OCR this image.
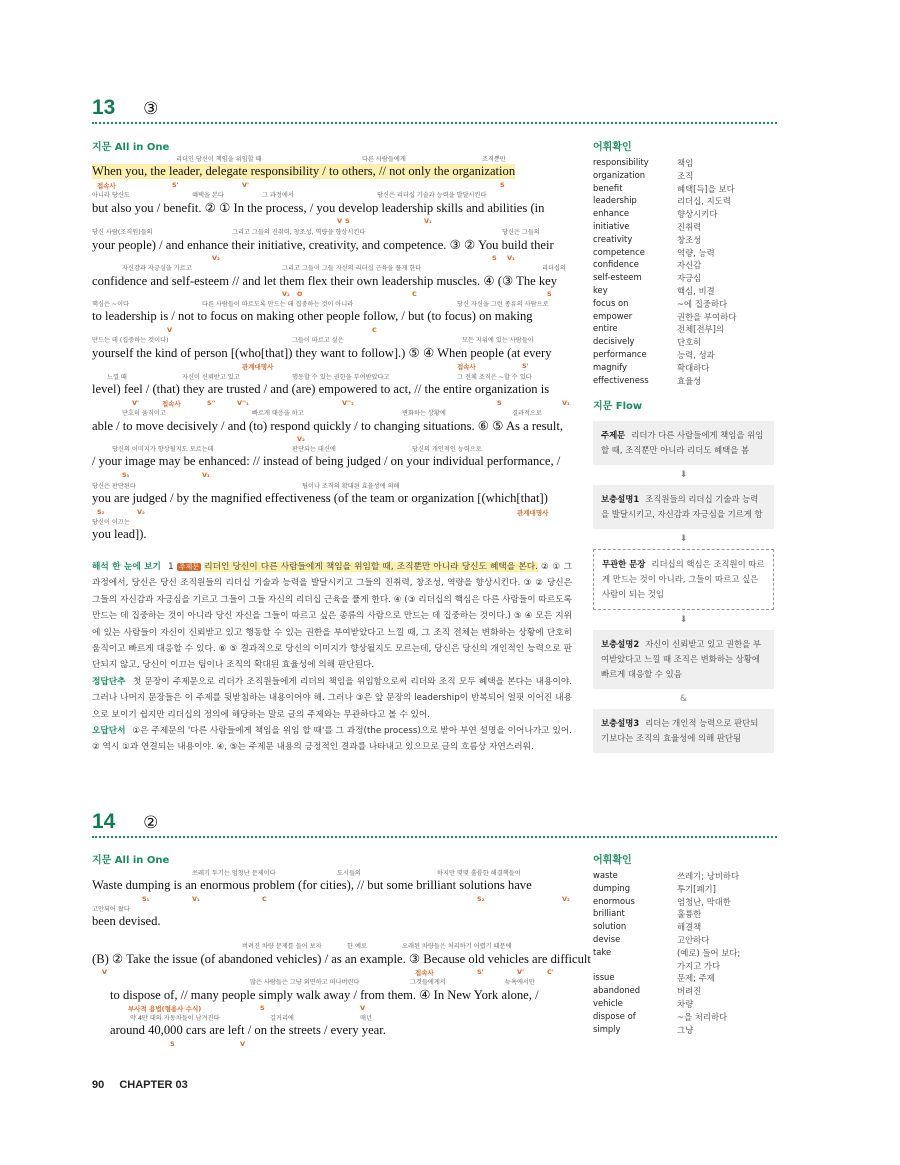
13 ③
지문 All in One	어휘확인
리더인 당신이 책임을 위임할 때	다른 사람들에게	조직뿐만
When you, the leader, delegate responsibility / to others, // not only the organization
접속사	S'	V'	S
아니라 당신도	혜택을 본다	그 과정에서	당신은 리더십 기술과 능력을 발달시킨다
but also you / benefit. ② ① In the process, / you develop leadership skills and abilities (in
V S	V₁
당신 사람(조직원)들의	그리고 그들의 진취력, 창조성, 역량을 향상시킨다	당신은 그들의
your people) / and enhance their initiative, creativity, and competence. ③ ② You build their
V₂	S V₁
자신감과 자긍심을 기르고	그리고 그들이 그들 자신의 리더십 근육을 풀게 한다	리더십의
confidence and self-esteem // and let them flex their own leadership muscles. ④ (③ The key
V₂ O	C	S
핵심은 ~이다	다른 사람들이 따르도록 만드는 데 집중하는 것이 아니라	당신 자신을 그런 종류의 사람으로
to leadership is / not to focus on making other people follow, / but (to focus) on making
V	C
만드는 데 (집중하는 것이다)	그들이 따르고 싶은	모든 지위에 있는 사람들이
yourself the kind of person [(who[that]) they want to follow].) ⑤ ④ When people (at every
관계대명사	접속사	S'
느낄 때	자신이 신뢰받고 있고	행동할 수 있는 권한을 부여받았다고	그 전체 조직은 ~할 수 있다
level) feel / (that) they are trusted / and (are) empowered to act, // the entire organization is
V'	접속사	S''	V''₁	V''₂	S	V₁
단호히 움직이고	빠르게 대응을 하고	변화하는 상황에	결과적으로
able / to move decisively / and (to) respond quickly / to changing situations. ⑥ ⑤ As a result,
V₂
당신의 이미지가 향상될지도 모르는데	판단되는 대신에	당신의 개인적인 능력으로
/ your image may be enhanced: // instead of being judged / on your individual performance, /
S₁	V₁
당신은 판단된다	팀이나 조직의 확대된 효율성에 의해
you are judged / by the magnified effectiveness (of the team or organization [(which[that])
S₂	V₂	관계대명사
당신이 이끄는
you lead]).
해석 한 눈에 보기 1 주제문 리더인 당신이 다른 사람들에게 책임을 위임할 때, 조직뿐만 아니라 당신도 혜택을 본다. ② ① 그 과정에서, 당신은 당신 조직원들의 리더십 기술과 능력을 발달시키고 그들의 진취력, 창조성, 역량을 향상시킨다. ③ ② 당신은 그들의 자신감과 자긍심을 기르고 그들이 그들 자신의 리더십 근육을 풀게 한다. ④ (③ 리더십의 핵심은 다른 사람들이 따르도록 만드는 데 집중하는 것이 아니라 당신 자신을 그들이 따르고 싶은 종류의 사람으로 만드는 데 집중하는 것이다.) ⑤ ④ 모든 지위에 있는 사람들이 자신이 신뢰받고 있고 행동할 수 있는 권한을 부여받았다고 느낄 때, 그 조직 전체는 변화하는 상황에 단호히 움직이고 빠르게 대응할 수 있다. ⑥ ⑤ 결과적으로 당신의 이미지가 향상될지도 모르는데, 당신은 당신의 개인적인 능력으로 판단되지 않고, 당신이 이끄는 팀이나 조직의 확대된 효율성에 의해 판단된다.
정답단추 첫 문장이 주제문으로 리더가 조직원들에게 리더의 책임을 위임함으로써 리더와 조직 모두 혜택을 본다는 내용이야. 그러나 나머지 문장들은 이 주제를 뒷받침하는 내용이어야 해. 그러나 ③은 앞 문장의 leadership이 반복되어 얼핏 이어진 내용으로 보이기 쉽지만 리더십의 정의에 해당하는 말로 글의 주제와는 무관하다고 볼 수 있어.
오답단서 ①은 주제문의 '다른 사람들에게 책임을 위임 할 때'를 그 과정(the process)으로 받아 부연 설명을 이어나가고 있어. ② 역시 ①과 연결되는 내용이야. ④, ⑤는 주제문 내용의 긍정적인 결과를 나타내고 있으므로 글의 흐름상 자연스러워.
responsibility	책임
organization	조직
benefit	혜택[득]을 보다
leadership	리더십, 지도력
enhance	향상시키다
initiative	진취력
creativity	창조성
competence	역량, 능력
confidence	자신감
self-esteem	자긍심
key	핵심, 비결
focus on	~에 집중하다
empower	권한을 부여하다
entire	전체[전부]의
decisively	단호히
performance	능력, 성과
magnify	확대하다
effectiveness	효율성
지문 Flow
주제문 리더가 다른 사람들에게 책임을 위임할 때, 조직뿐만 아니라 리더도 혜택을 봄
⬇
보충설명1 조직원들의 리더십 기술과 능력을 발달시키고, 자신감과 자긍심을 기르게 함
⬇
무관한 문장 리더십의 핵심은 조직원이 따르게 만드는 것이 아니라, 그들이 따르고 싶은 사람이 되는 것임
⬇
보충설명2 자신이 신뢰받고 있고 권한을 부여받았다고 느낄 때 조직은 변화하는 상황에 빠르게 대응할 수 있음
&
보충설명3 리더는 개인적 능력으로 판단되기보다는 조직의 효율성에 의해 판단됨
14 ②
지문 All in One	어휘확인
쓰레기 투기는 엄청난 문제이다	도시들의	하지만 몇몇 훌륭한 해결책들이
Waste dumping is an enormous problem (for cities), // but some brilliant solutions have
S₁	V₁	C	S₂	V₂
고안되어 왔다
been devised.
버려진 차량 문제를 들어 보자	한 예로	오래된 차량들은 처리하기 어렵기 때문에
(B) ② Take the issue (of abandoned vehicles) / as an example. ③ Because old vehicles are difficult
V	접속사	S'	V'	C'
많은 사람들은 그냥 외면하고 떠나버린다	그것들에게서	뉴욕에서만
to dispose of, // many people simply walk away / from them. ④ In New York alone, /
부사적 용법(형용사 수식)	S	V
약 4만 대의 자동차들이 남겨진다	길거리에	매년
around 40,000 cars are left / on the streets / every year.
S	V
waste	쓰레기; 낭비하다
dumping	투기[폐기]
enormous	엄청난, 막대한
brilliant	훌륭한
solution	해결책
devise	고안하다
take	(예로) 들어 보다;
가지고 가다
issue	문제; 주제
abandoned	버려진
vehicle	차량
dispose of	~을 처리하다
simply	그냥
90 CHAPTER 03
